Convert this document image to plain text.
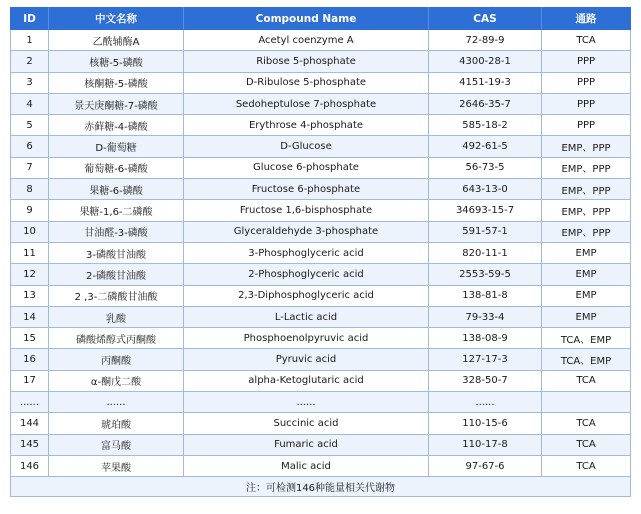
ID	中文名称	Compound Name	CAS	通路
1	乙酰辅酶A	Acetyl coenzyme A	72-89-9	TCA
2	核糖-5-磷酸	Ribose 5-phosphate	4300-28-1	PPP
3	核酮糖-5-磷酸	D-Ribulose 5-phosphate	4151-19-3	PPP
4	景天庚酮糖-7-磷酸	Sedoheptulose 7-phosphate	2646-35-7	PPP
5	赤藓糖-4-磷酸	Erythrose 4-phosphate	585-18-2	PPP
6	D-葡萄糖	D-Glucose	492-61-5	EMP、PPP
7	葡萄糖-6-磷酸	Glucose 6-phosphate	56-73-5	EMP、PPP
8	果糖-6-磷酸	Fructose 6-phosphate	643-13-0	EMP、PPP
9	果糖-1,6-二磷酸	Fructose 1,6-bisphosphate	34693-15-7	EMP、PPP
10	甘油醛-3-磷酸	Glyceraldehyde 3-phosphate	591-57-1	EMP、PPP
11	3-磷酸甘油酸	3-Phosphoglyceric acid	820-11-1	EMP
12	2-磷酸甘油酸	2-Phosphoglyceric acid	2553-59-5	EMP
13	2 ,3-二磷酸甘油酸	2,3-Diphosphoglyceric acid	138-81-8	EMP
14	乳酸	L-Lactic acid	79-33-4	EMP
15	磷酸烯醇式丙酮酸	Phosphoenolpyruvic acid	138-08-9	TCA、EMP
16	丙酮酸	Pyruvic acid	127-17-3	TCA、EMP
17	α-酮戊二酸	alpha-Ketoglutaric acid	328-50-7	TCA
......	......	......	......	
144	琥珀酸	Succinic acid	110-15-6	TCA
145	富马酸	Fumaric acid	110-17-8	TCA
146	苹果酸	Malic acid	97-67-6	TCA
注：可检测146种能量相关代谢物				
